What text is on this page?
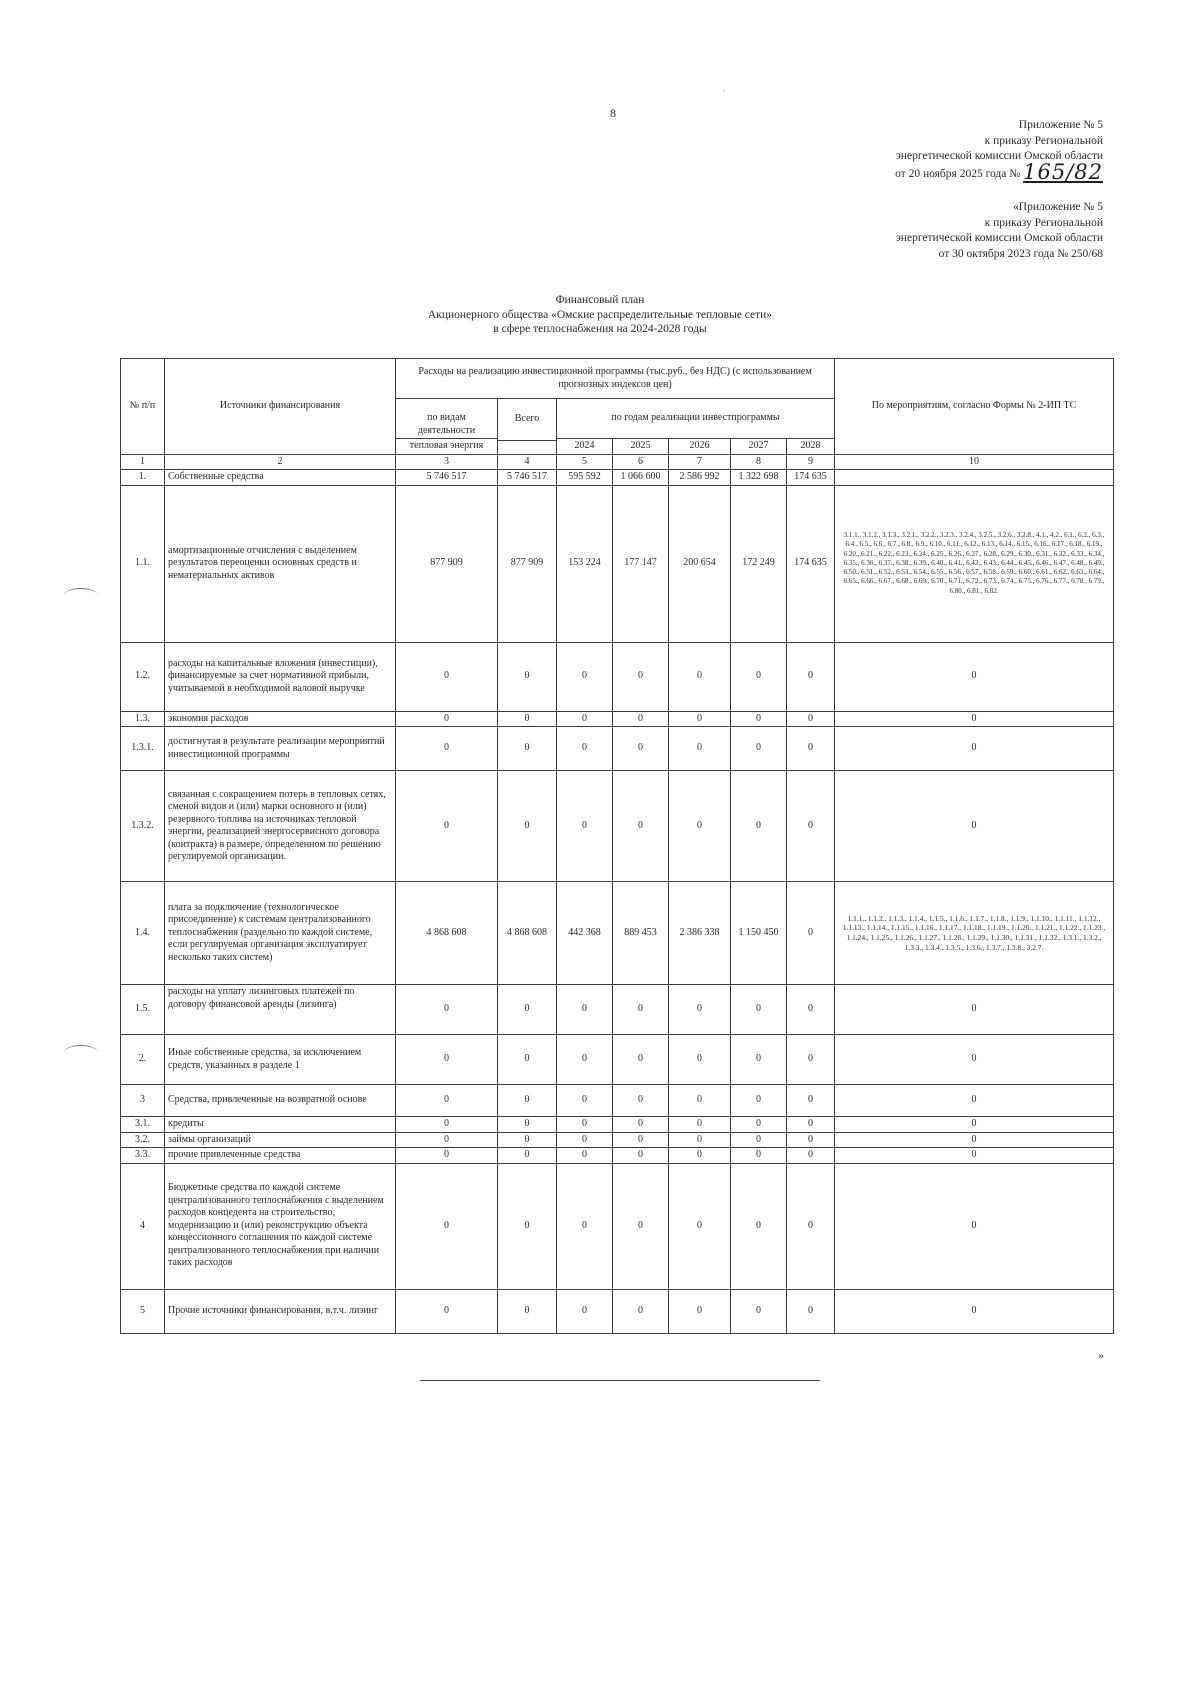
·
8
Приложение № 5
к приказу Региональной
энергетической комиссии Омской области
от 20 ноября 2025 года № 165/82
«Приложение № 5
к приказу Региональной
энергетической комиссии Омской области
от 30 октября 2023 года № 250/68
Финансовый план
Акционерного общества «Омские распределительные тепловые сети»
в сфере теплоснабжения на 2024-2028 годы
№ п/п	Источники финансирования	Расходы на реализацию инвестиционной программы (тыс.руб., без НДС) (с использованием прогнозных индексов цен)							По мероприятиям, согласно Формы № 2-ИП ТС
		по видам деятельности	Всего	по годам реализации инвестпрограммы					
		тепловая энергия		2024	2025	2026	2027	2028	

1	2	3	4	5	6	7	8	9	10
1.	Собственные средства	5 746 517	5 746 517	595 592	1 066 600	2 586 992	1 322 698	174 635	
1.1.	амортизационные отчисления с выделением результатов переоценки основных средств и нематериальных активов	877 909	877 909	153 224	177 147	200 654	172 249	174 635	3.1.1., 3.1.2., 3.1.3., 3.2.1., 3.2.2., 3.2.3., 3.2.4., 3.2.5., 3.2.6., 3.2.8., 4.1., 4.2., 6.1., 6.2., 6.3., 6.4., 6.5., 6.6., 6.7., 6.8., 6.9., 6.10., 6.11., 6.12., 6.13., 6.14., 6.15., 6.16., 6.17., 6.18., 6.19., 6.20., 6.21., 6.22., 6.23., 6.24., 6.25., 6.26., 6.27., 6.28., 6.29., 6.30., 6.31., 6.32., 6.33., 6.34., 6.35., 6.36., 6.37., 6.38., 6.39., 6.40., 6.41., 6.42., 6.43., 6.44., 6.45., 6.46., 6.47., 6.48., 6.49., 6.50., 6.51., 6.52., 6.53., 6.54., 6.55., 6.56., 6.57., 6.58., 6.59., 6.60., 6.61., 6.62., 6.63., 6.64., 6.65., 6.66., 6.67., 6.68., 6.69., 6.70., 6.71., 6.72., 6.73., 6.74., 6.75., 6.76., 6.77., 6.78., 6.79., 6.80., 6.81., 6.82.
1.2.	расходы на капитальные вложения (инвестиции), финансируемые за счет нормативной прибыли, учитываемой в необходимой валовой выручке	0	0	0	0	0	0	0	0
1.3.	экономия расходов	0	0	0	0	0	0	0	0
1.3.1.	достигнутая в результате реализации мероприятий инвестиционной программы	0	0	0	0	0	0	0	0
1.3.2.	связанная с сокращением потерь в тепловых сетях, сменой видов и (или) марки основного и (или) резервного топлива на источниках тепловой энергии, реализацией энергосервисного договора (контракта) в размере, определенном по решению регулируемой организации.	0	0	0	0	0	0	0	0
1.4.	плата за подключение (технологическое присоединение) к системам централизованного теплоснабжения (раздельно по каждой системе, если регулируемая организация эксплуатирует несколько таких систем)	4 868 608	4 868 608	442 368	889 453	2 386 338	1 150 450	0	1.1.1., 1.1.2., 1.1.3., 1.1.4., 1.1.5., 1.1.6., 1.1.7., 1.1.8., 1.1.9., 1.1.10., 1.1.11., 1.1.12., 1.1.13., 1.1.14., 1.1.15., 1.1.16., 1.1.17., 1.1.18., 1.1.19., 1.1.20., 1.1.21., 1.1.22., 1.1.23., 1.1.24., 1.1.25., 1.1.26., 1.1.27., 1.1.28., 1.1.29., 1.1.30., 1.1.31., 1.1.32., 1.3.1., 1.3.2., 1.3.3., 1.3.4., 1.3.5., 1.3.6., 1.3.7., 1.3.8., 3.2.7.
1.5.	расходы на уплату лизинговых платежей по договору финансовой аренды (лизинга)	0	0	0	0	0	0	0	0
2.	Иные собственные средства, за исключением средств, указанных в разделе 1	0	0	0	0	0	0	0	0
3	Средства, привлеченные на возвратной основе	0	0	0	0	0	0	0	0
3.1.	кредиты	0	0	0	0	0	0	0	0
3.2.	займы организаций	0	0	0	0	0	0	0	0
3.3.	прочие привлеченные средства	0	0	0	0	0	0	0	0
4	Бюджетные средства по каждой системе централизованного теплоснабжения с выделением расходов концедента на строительство, модернизацию и (или) реконструкцию объекта концессионного соглашения по каждой системе централизованного теплоснабжения при наличии таких расходов	0	0	0	0	0	0	0	0
5	Прочие источники финансирования, в.т.ч. лизинг	0	0	0	0	0	0	0	0
»
